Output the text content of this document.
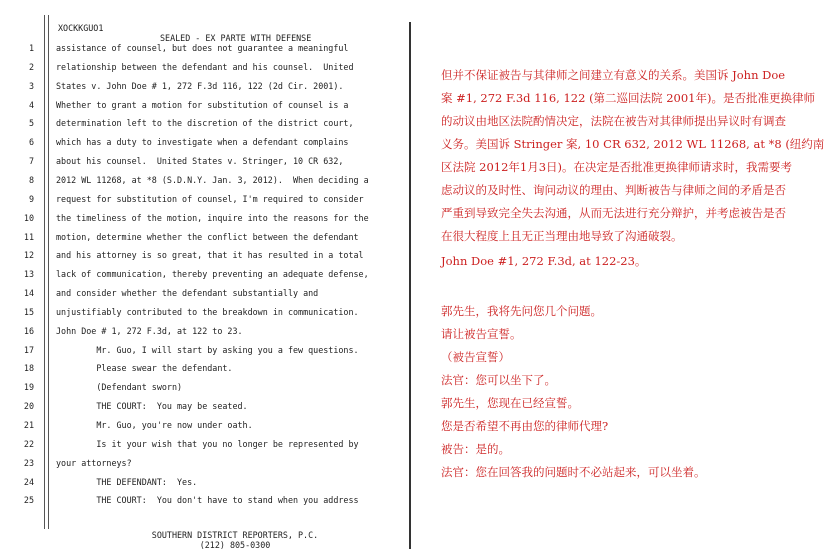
XOCKKGUO1

SEALED - EX PARTE WITH DEFENSE

1	assistance of counsel, but does not guarantee a meaningful
2	relationship between the defendant and his counsel.  United
3	States v. John Doe # 1, 272 F.3d 116, 122 (2d Cir. 2001).
4	Whether to grant a motion for substitution of counsel is a
5	determination left to the discretion of the district court,
6	which has a duty to investigate when a defendant complains
7	about his counsel.  United States v. Stringer, 10 CR 632,
8	2012 WL 11268, at *8 (S.D.N.Y. Jan. 3, 2012).  When deciding a
9	request for substitution of counsel, I'm required to consider
10	the timeliness of the motion, inquire into the reasons for the
11	motion, determine whether the conflict between the defendant
12	and his attorney is so great, that it has resulted in a total
13	lack of communication, thereby preventing an adequate defense,
14	and consider whether the defendant substantially and
15	unjustifiably contributed to the breakdown in communication.
16	John Doe # 1, 272 F.3d, at 122 to 23.
17	Mr. Guo, I will start by asking you a few questions.
18	Please swear the defendant.
19	(Defendant sworn)
20	THE COURT:  You may be seated.
21	Mr. Guo, you're now under oath.
22	Is it your wish that you no longer be represented by
23	your attorneys?
24	THE DEFENDANT:  Yes.
25	THE COURT:  You don't have to stand when you address
SOUTHERN DISTRICT REPORTERS, P.C.
(212) 805-0300
但并不保证被告与其律师之间建立有意义的关系。美国诉 John Doe
案 #1, 272 F.3d 116, 122 (第二巡回法院 2001年)。是否批准更换律师
的动议由地区法院酌情决定，法院在被告对其律师提出异议时有调查
义务。美国诉 Stringer 案, 10 CR 632, 2012 WL 11268, at *8 (纽约南
区法院 2012年1月3日)。在决定是否批准更换律师请求时，我需要考
虑动议的及时性、询问动议的理由、判断被告与律师之间的矛盾是否
严重到导致完全失去沟通，从而无法进行充分辩护，并考虑被告是否
在很大程度上且无正当理由地导致了沟通破裂。
John Doe #1, 272 F.3d, at 122-23。
郭先生，我将先问您几个问题。
请让被告宣誓。
（被告宣誓）
法官：您可以坐下了。
郭先生，您现在已经宣誓。
您是否希望不再由您的律师代理?
被告：是的。
法官：您在回答我的问题时不必站起来，可以坐着。
